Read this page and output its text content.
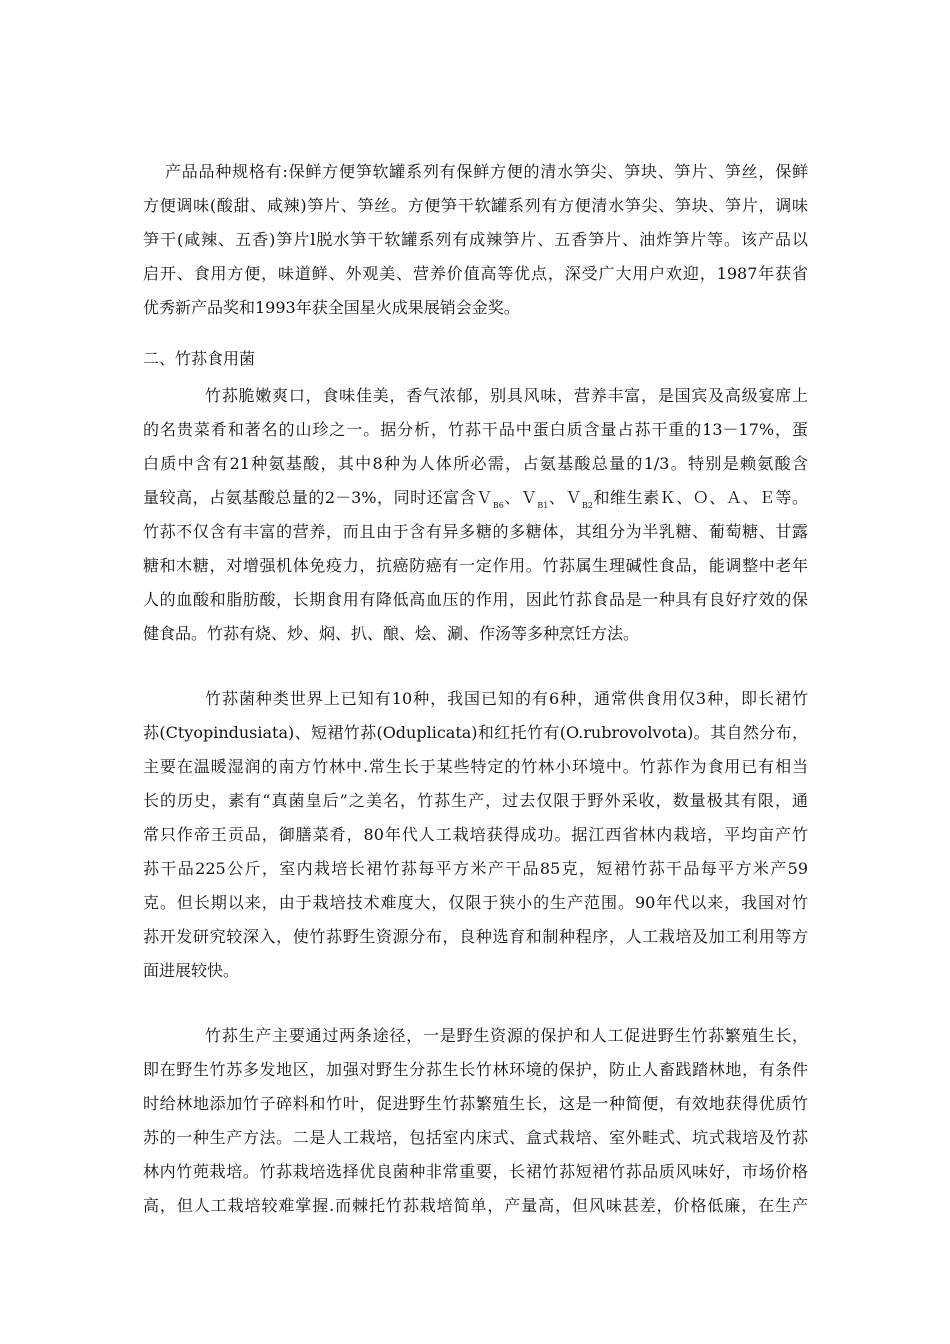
产品品种规格有:保鲜方便笋软罐系列有保鲜方便的清水笋尖、笋块、笋片、笋丝，保鲜
方便调味(酸甜、咸辣)笋片、笋丝。方便笋干软罐系列有方便清水笋尖、笋块、笋片，调味
笋干(咸辣、五香)笋片l脱水笋干软罐系列有成辣笋片、五香笋片、油炸笋片等。该产品以
启开、食用方便，味道鲜、外观美、营养价值高等优点，深受广大用户欢迎，1987年获省
优秀新产品奖和1993年获全国星火成果展销会金奖。
二、竹荪食用菌
竹荪脆嫩爽口，食味佳美，香气浓郁，别具风味，营养丰富，是国宾及高级宴席上
的名贵菜肴和著名的山珍之一。据分析，竹荪干品中蛋白质含量占荪干重的13－17%，蛋
白质中含有21种氨基酸，其中8种为人体所必需，占氨基酸总量的1/3。特别是赖氨酸含
量较高，占氨基酸总量的2－3%，同时还富含Ｖ$_{B6}$、Ｖ$_{B1}$、Ｖ$_{B2}$和维生素Ｋ、Ｏ、Ａ、Ｅ等。
竹荪不仅含有丰富的营养，而且由于含有异多糖的多糖体，其组分为半乳糖、葡萄糖、甘露
糖和木糖，对增强机体免疫力，抗癌防癌有一定作用。竹荪属生理碱性食品，能调整中老年
人的血酸和脂肪酸，长期食用有降低高血压的作用，因此竹荪食品是一种具有良好疗效的保
健食品。竹荪有烧、炒、焖、扒、酿、烩、涮、作汤等多种烹饪方法。
竹荪菌种类世界上已知有10种，我国已知的有6种，通常供食用仅3种，即长裙竹
荪(Ctyopindusiata)、短裙竹荪(Oduplicata)和红托竹有(O.rubrovolvota)。其自然分布，
主要在温暖湿润的南方竹林中.常生长于某些特定的竹林小环境中。竹荪作为食用已有相当
长的历史，素有“真菌皇后”之美名，竹荪生产，过去仅限于野外采收，数量极其有限，通
常只作帝王贡品，御膳菜肴，80年代人工栽培获得成功。据江西省林内栽培，平均亩产竹
荪干品225公斤，室内栽培长裙竹荪每平方米产干品85克，短裙竹荪干品每平方米产59
克。但长期以来，由于栽培技术难度大，仅限于狭小的生产范围。90年代以来，我国对竹
荪开发研究较深入，使竹荪野生资源分布，良种选育和制种程序，人工栽培及加工利用等方
面进展较快。
竹荪生产主要通过两条途径，一是野生资源的保护和人工促进野生竹荪繁殖生长，
即在野生竹苏多发地区，加强对野生分荪生长竹林环境的保护，防止人畜践踏林地，有条件
时给林地添加竹子碎料和竹叶，促进野生竹荪繁殖生长，这是一种简便，有效地获得优质竹
苏的一种生产方法。二是人工栽培，包括室内床式、盒式栽培、室外畦式、坑式栽培及竹荪
林内竹蔸栽培。竹荪栽培选择优良菌种非常重要，长裙竹荪短裙竹荪品质风味好，市场价格
高，但人工栽培较难掌握.而棘托竹荪栽培简单，产量高，但风味甚差，价格低廉，在生产
